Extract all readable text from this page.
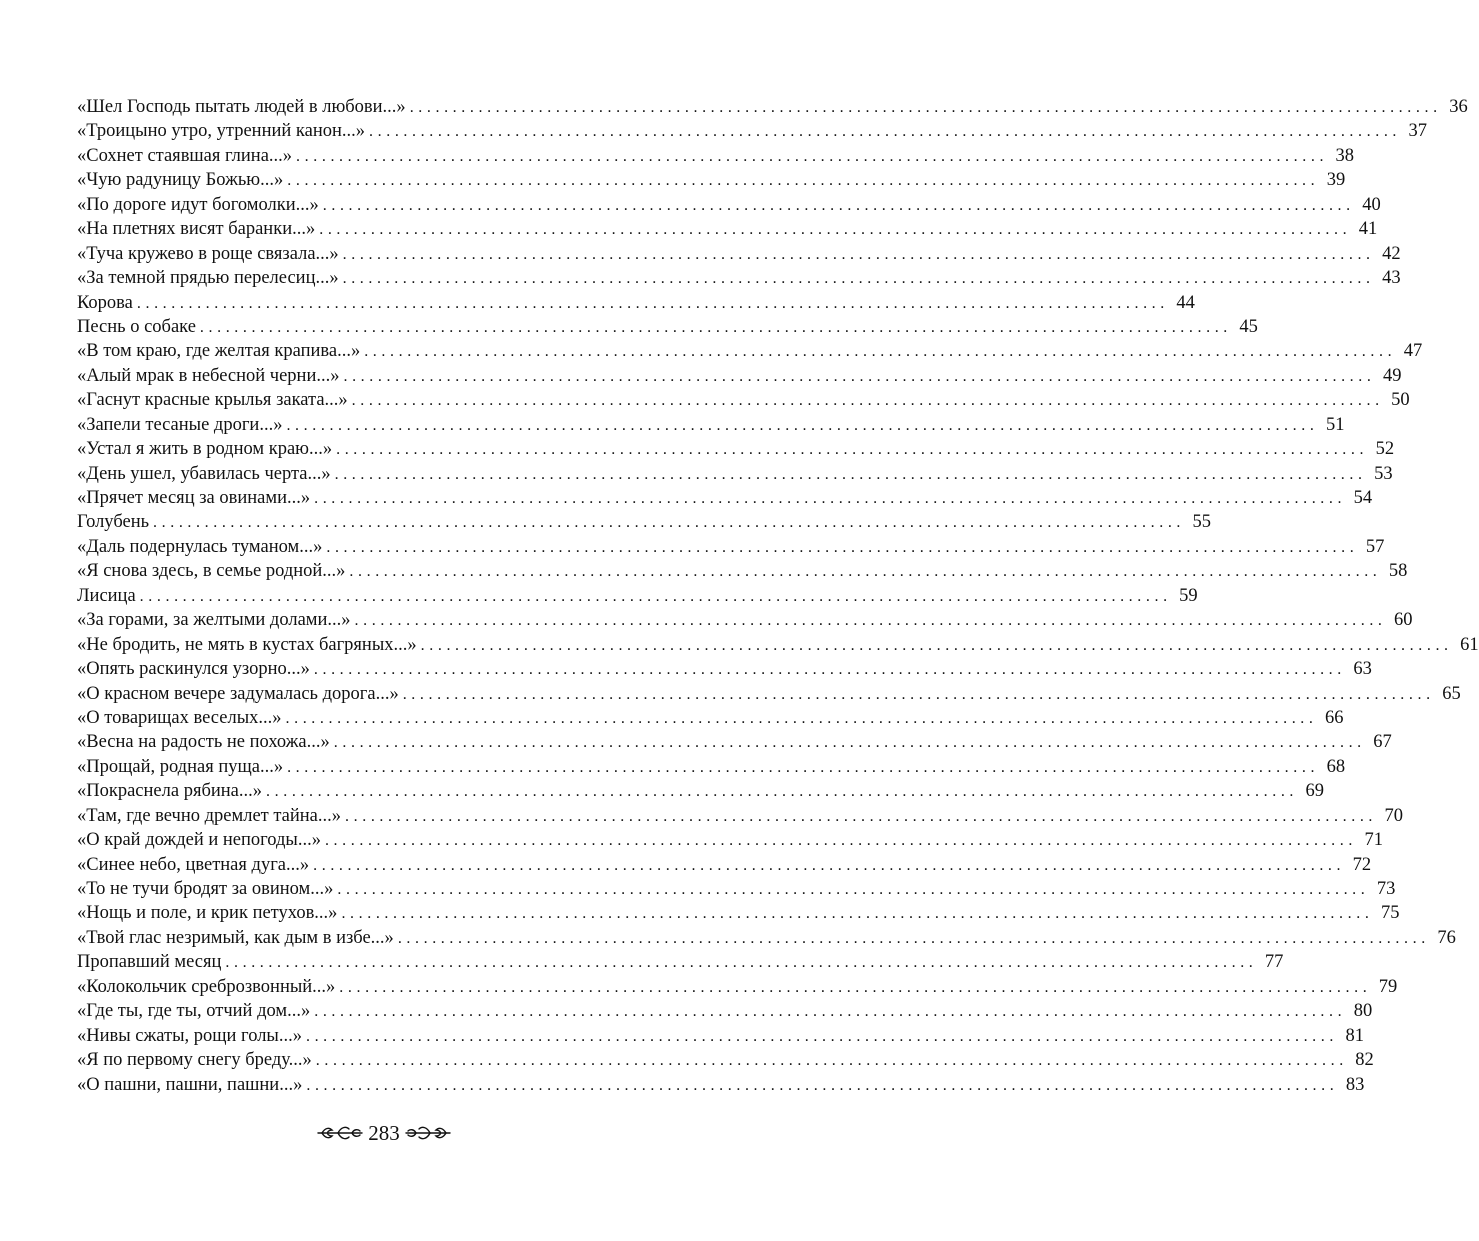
«Шел Господь пытать людей в любови...» ........................................................................................................................ 36
«Троицыно утро, утренний канон...» ........................................................................................................................ 37
«Сохнет стаявшая глина...» ........................................................................................................................ 38
«Чую радуницу Божью...» ........................................................................................................................ 39
«По дороге идут богомолки...» ........................................................................................................................ 40
«На плетнях висят баранки...» ........................................................................................................................ 41
«Туча кружево в роще связала...» ........................................................................................................................ 42
«За темной прядью перелесиц...» ........................................................................................................................ 43
Корова ........................................................................................................................ 44
Песнь о собаке ........................................................................................................................ 45
«В том краю, где желтая крапива...» ........................................................................................................................ 47
«Алый мрак в небесной черни...» ........................................................................................................................ 49
«Гаснут красные крылья заката...» ........................................................................................................................ 50
«Запели тесаные дроги...» ........................................................................................................................ 51
«Устал я жить в родном краю...» ........................................................................................................................ 52
«День ушел, убавилась черта...» ........................................................................................................................ 53
«Прячет месяц за овинами...» ........................................................................................................................ 54
Голубень ........................................................................................................................ 55
«Даль подернулась туманом...» ........................................................................................................................ 57
«Я снова здесь, в семье родной...» ........................................................................................................................ 58
Лисица ........................................................................................................................ 59
«За горами, за желтыми долами...» ........................................................................................................................ 60
«Не бродить, не мять в кустах багряных...» ........................................................................................................................ 61
«Опять раскинулся узорно...» ........................................................................................................................ 63
«О красном вечере задумалась дорога...» ........................................................................................................................ 65
«О товарищах веселых...» ........................................................................................................................ 66
«Весна на радость не похожа...» ........................................................................................................................ 67
«Прощай, родная пуща...» ........................................................................................................................ 68
«Покраснела рябина...» ........................................................................................................................ 69
«Там, где вечно дремлет тайна...» ........................................................................................................................ 70
«О край дождей и непогоды...» ........................................................................................................................ 71
«Синее небо, цветная дуга...» ........................................................................................................................ 72
«То не тучи бродят за овином...» ........................................................................................................................ 73
«Нощь и поле, и крик петухов...» ........................................................................................................................ 75
«Твой глас незримый, как дым в избе...» ........................................................................................................................ 76
Пропавший месяц ........................................................................................................................ 77
«Колокольчик среброзвонный...» ........................................................................................................................ 79
«Где ты, где ты, отчий дом...» ........................................................................................................................ 80
«Нивы сжаты, рощи голы...» ........................................................................................................................ 81
«Я по первому снегу бреду...» ........................................................................................................................ 82
«О пашни, пашни, пашни...» ........................................................................................................................ 83
283
